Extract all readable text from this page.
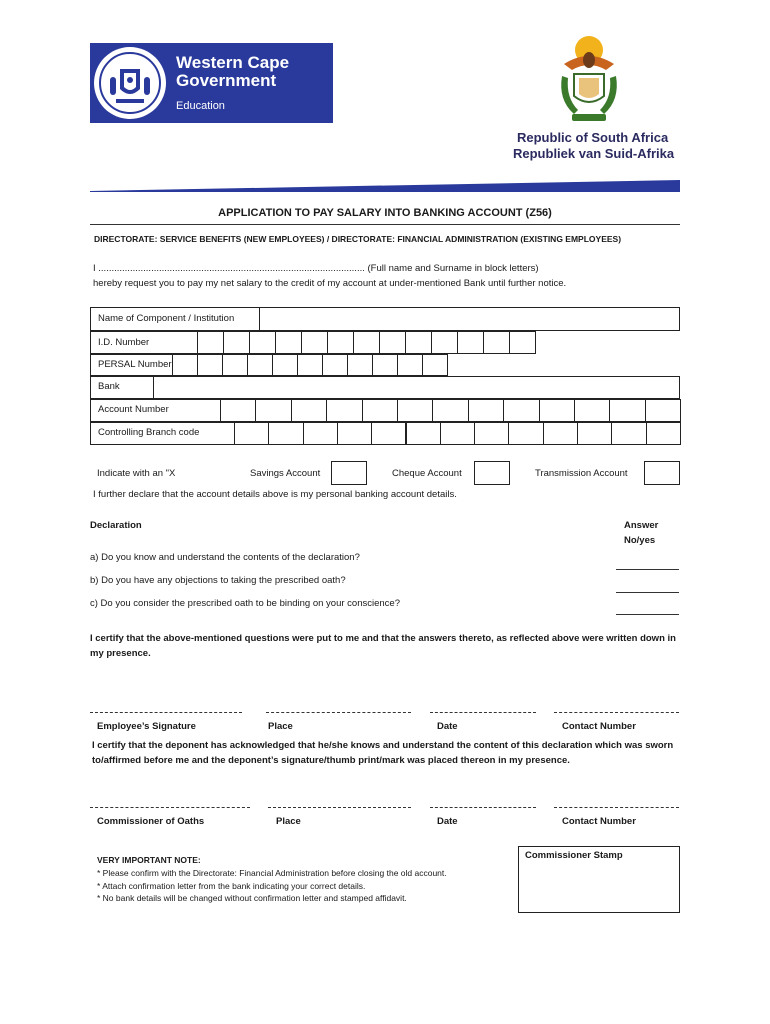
Western Cape
Government
Education
Republic of South Africa
Republiek van Suid-Afrika
APPLICATION TO PAY SALARY INTO BANKING ACCOUNT (Z56)
DIRECTORATE: SERVICE BENEFITS (NEW EMPLOYEES) / DIRECTORATE: FINANCIAL ADMINISTRATION (EXISTING EMPLOYEES)
I ..................................................................................................... (Full name and Surname in block letters)
hereby request you to pay my net salary to the credit of my account at under-mentioned Bank until further notice.
Name of Component / Institution
I.D. Number
PERSAL Number
Bank
Account Number
Controlling Branch code
Indicate with an "X	Savings Account	Cheque Account	Transmission Account
I further declare that the account details above is my personal banking account details.
Declaration	Answer
No/yes
a) Do you know and understand the contents of the declaration?
b) Do you have any objections to taking the prescribed oath?
c) Do you consider the prescribed oath to be binding on your conscience?
I certify that the above-mentioned questions were put to me and that the answers thereto, as reflected above were written down in my presence.
Employee’s Signature	Place	Date	Contact Number
I certify that the deponent has acknowledged that he/she knows and understand the content of this declaration which was sworn to/affirmed before me and the deponent’s signature/thumb print/mark was placed thereon in my presence.
Commissioner of Oaths	Place	Date	Contact Number
VERY IMPORTANT NOTE:
* Please confirm with the Directorate: Financial Administration before closing the old account.
* Attach confirmation letter from the bank indicating your correct details.
* No bank details will be changed without confirmation letter and stamped affidavit.
Commissioner Stamp
